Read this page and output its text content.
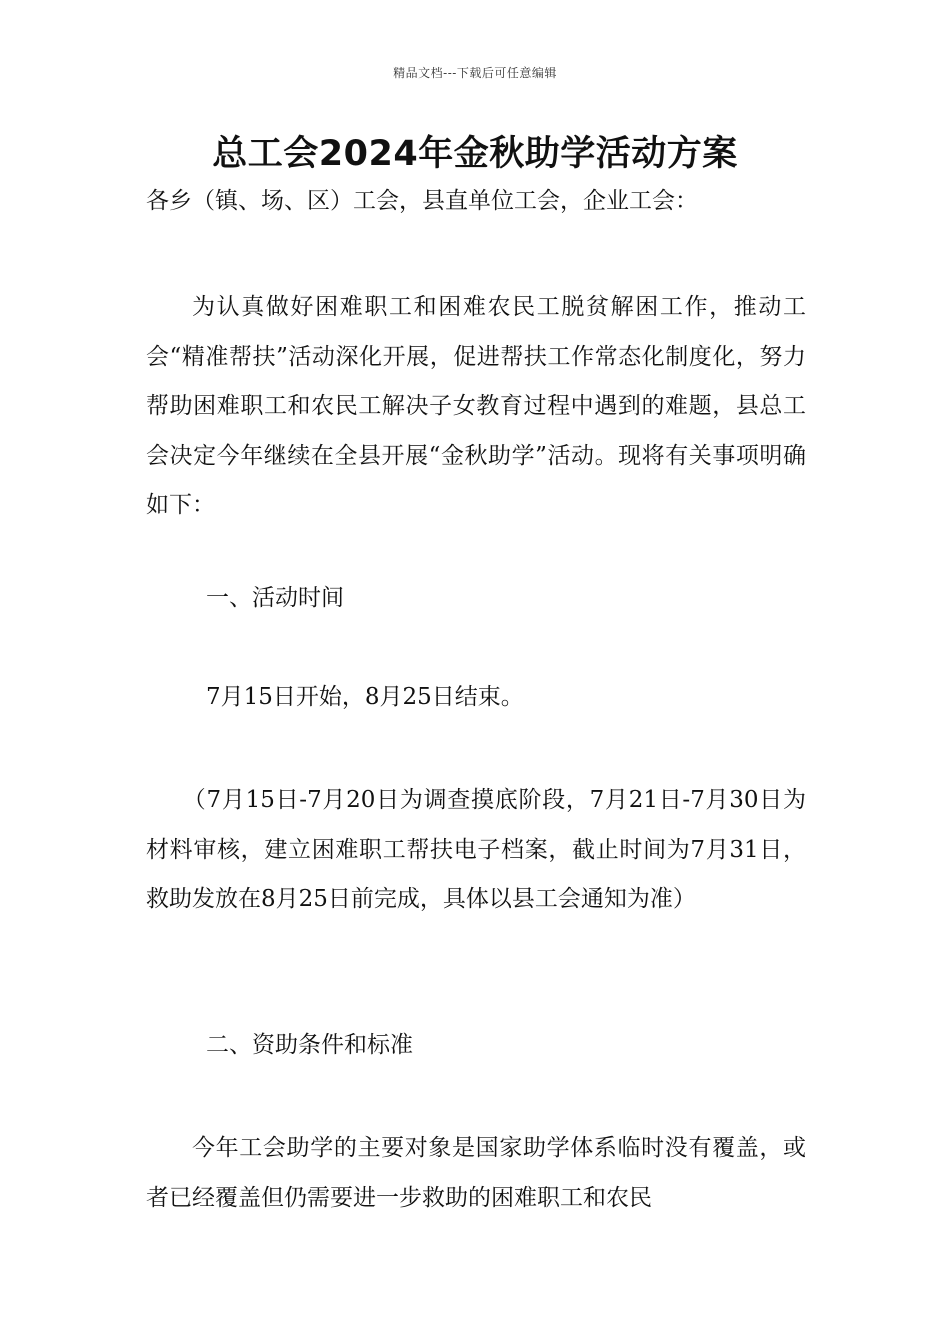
精品文档---下载后可任意编辑
总工会2024年金秋助学活动方案
各乡（镇、场、区）工会，县直单位工会，企业工会：

为认真做好困难职工和困难农民工脱贫解困工作，推动工会“精准帮扶”活动深化开展，促进帮扶工作常态化制度化，努力帮助困难职工和农民工解决子女教育过程中遇到的难题，县总工会决定今年继续在全县开展“金秋助学”活动。现将有关事项明确如下：

一、活动时间
7月15日开始，8月25日结束。

（7月15日-7月20日为调查摸底阶段，7月21日-7月30日为材料审核，建立困难职工帮扶电子档案，截止时间为7月31日，救助发放在8月25日前完成，具体以县工会通知为准）

二、资助条件和标准

今年工会助学的主要对象是国家助学体系临时没有覆盖，或者已经覆盖但仍需要进一步救助的困难职工和农民
